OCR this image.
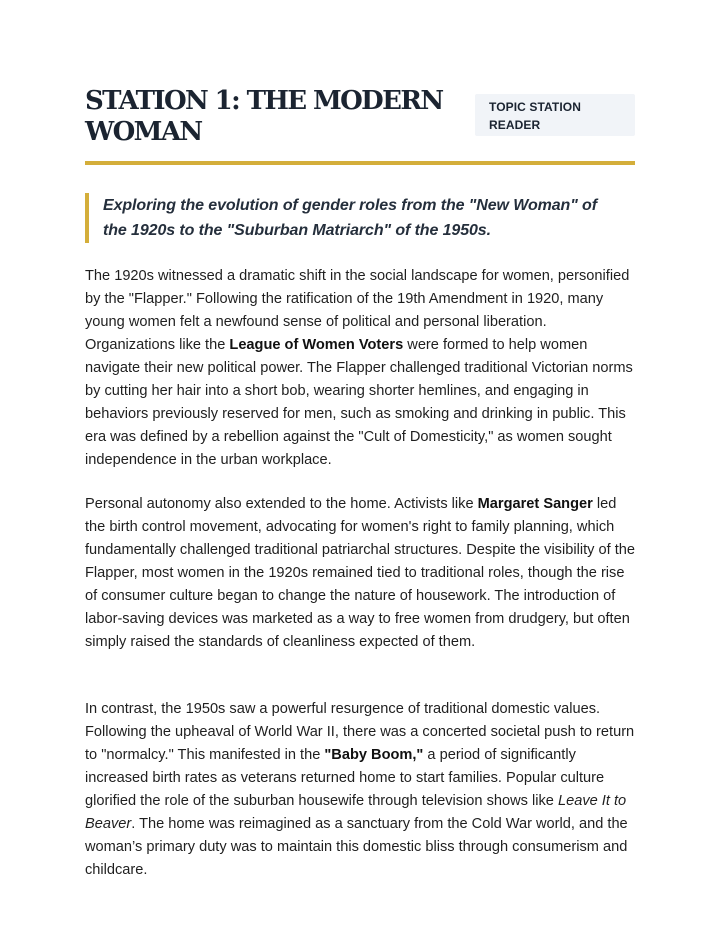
STATION 1: THE MODERN
WOMAN
TOPIC STATION
READER
Exploring the evolution of gender roles from the "New Woman" of
the 1920s to the "Suburban Matriarch" of the 1950s.

The 1920s witnessed a dramatic shift in the social landscape for women, personified by the "Flapper." Following the ratification of the 19th Amendment in 1920, many young women felt a newfound sense of political and personal liberation. Organizations like the League of Women Voters were formed to help women navigate their new political power. The Flapper challenged traditional Victorian norms by cutting her hair into a short bob, wearing shorter hemlines, and engaging in behaviors previously reserved for men, such as smoking and drinking in public. This era was defined by a rebellion against the "Cult of Domesticity," as women sought independence in the urban workplace.

Personal autonomy also extended to the home. Activists like Margaret Sanger led the birth control movement, advocating for women's right to family planning, which fundamentally challenged traditional patriarchal structures. Despite the visibility of the Flapper, most women in the 1920s remained tied to traditional roles, though the rise of consumer culture began to change the nature of housework. The introduction of labor-saving devices was marketed as a way to free women from drudgery, but often simply raised the standards of cleanliness expected of them.

In contrast, the 1950s saw a powerful resurgence of traditional domestic values. Following the upheaval of World War II, there was a concerted societal push to return to "normalcy." This manifested in the "Baby Boom," a period of significantly increased birth rates as veterans returned home to start families. Popular culture glorified the role of the suburban housewife through television shows like Leave It to Beaver. The home was reimagined as a sanctuary from the Cold War world, and the woman’s primary duty was to maintain this domestic bliss through consumerism and childcare.
